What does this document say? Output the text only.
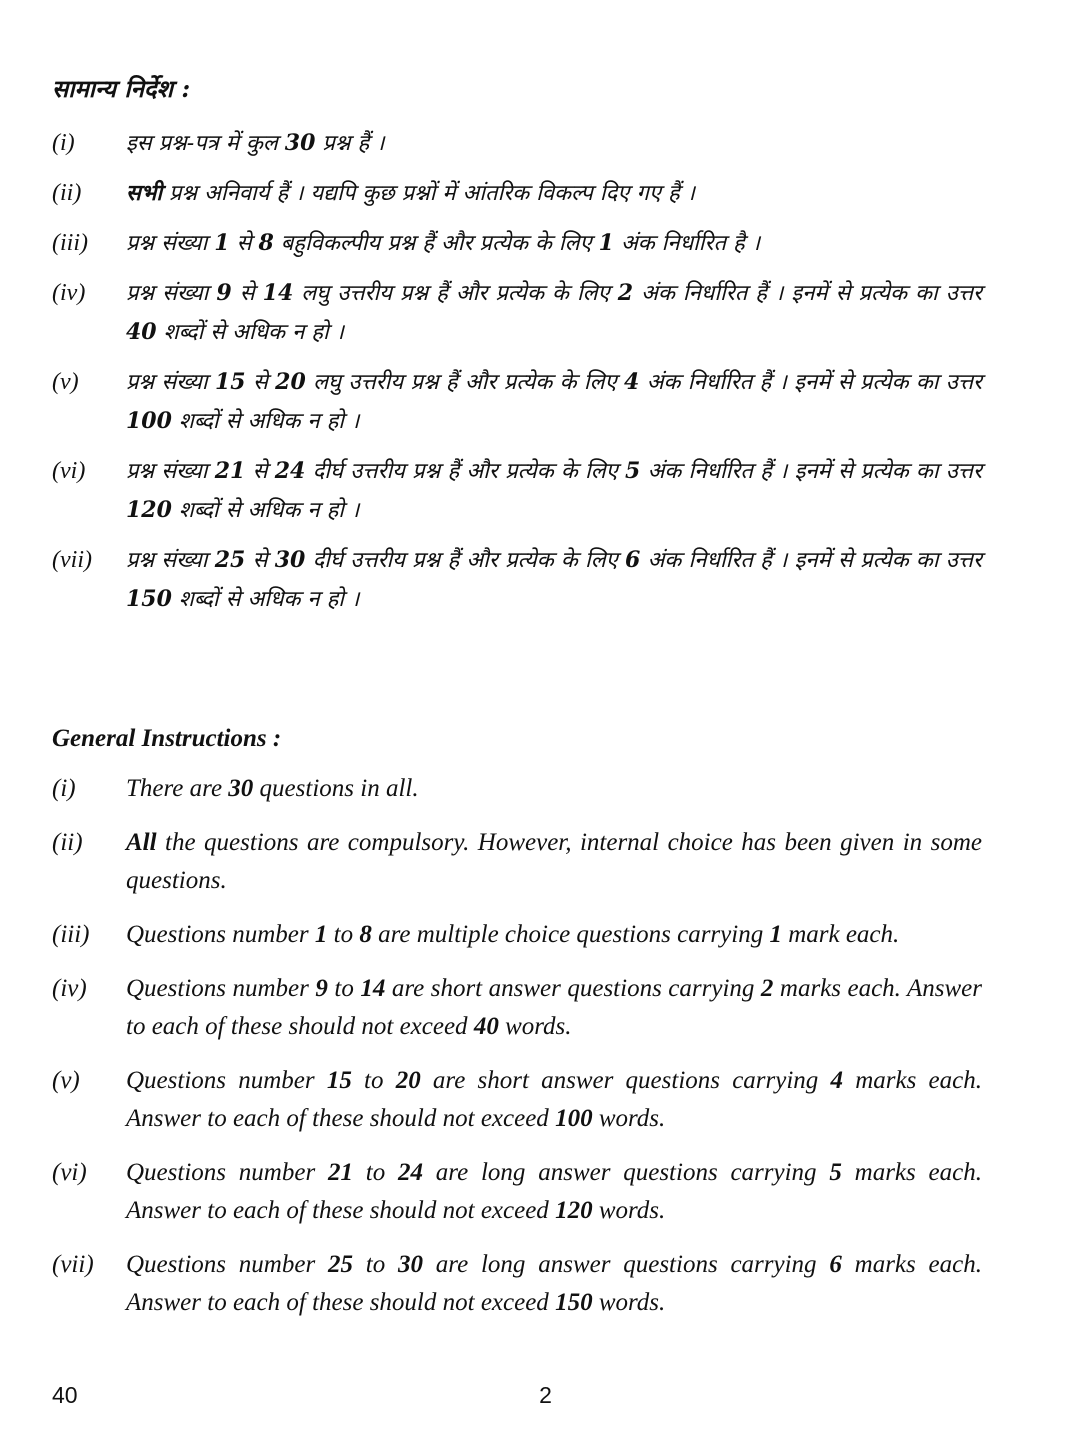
सामान्य निर्देश :
(i)	इस प्रश्न-पत्र में कुल 30 प्रश्न हैं ।
(ii)	सभी प्रश्न अनिवार्य हैं । यद्यपि कुछ प्रश्नों में आंतरिक विकल्प दिए गए हैं ।
(iii)	प्रश्न संख्या 1 से 8 बहुविकल्पीय प्रश्न हैं और प्रत्येक के लिए 1 अंक निर्धारित है ।
(iv)	प्रश्न संख्या 9 से 14 लघु उत्तरीय प्रश्न हैं और प्रत्येक के लिए 2 अंक निर्धारित हैं । इनमें से प्रत्येक का उत्तर 40 शब्दों से अधिक न हो ।
(v)	प्रश्न संख्या 15 से 20 लघु उत्तरीय प्रश्न हैं और प्रत्येक के लिए 4 अंक निर्धारित हैं । इनमें से प्रत्येक का उत्तर 100 शब्दों से अधिक न हो ।
(vi)	प्रश्न संख्या 21 से 24 दीर्घ उत्तरीय प्रश्न हैं और प्रत्येक के लिए 5 अंक निर्धारित हैं । इनमें से प्रत्येक का उत्तर 120 शब्दों से अधिक न हो ।
(vii)	प्रश्न संख्या 25 से 30 दीर्घ उत्तरीय प्रश्न हैं और प्रत्येक के लिए 6 अंक निर्धारित हैं । इनमें से प्रत्येक का उत्तर 150 शब्दों से अधिक न हो ।
General Instructions :
(i)	There are 30 questions in all.
(ii)	All the questions are compulsory. However, internal choice has been given in some questions.
(iii)	Questions number 1 to 8 are multiple choice questions carrying 1 mark each.
(iv)	Questions number 9 to 14 are short answer questions carrying 2 marks each. Answer to each of these should not exceed 40 words.
(v)	Questions number 15 to 20 are short answer questions carrying 4 marks each. Answer to each of these should not exceed 100 words.
(vi)	Questions number 21 to 24 are long answer questions carrying 5 marks each. Answer to each of these should not exceed 120 words.
(vii)	Questions number 25 to 30 are long answer questions carrying 6 marks each. Answer to each of these should not exceed 150 words.
40	2
